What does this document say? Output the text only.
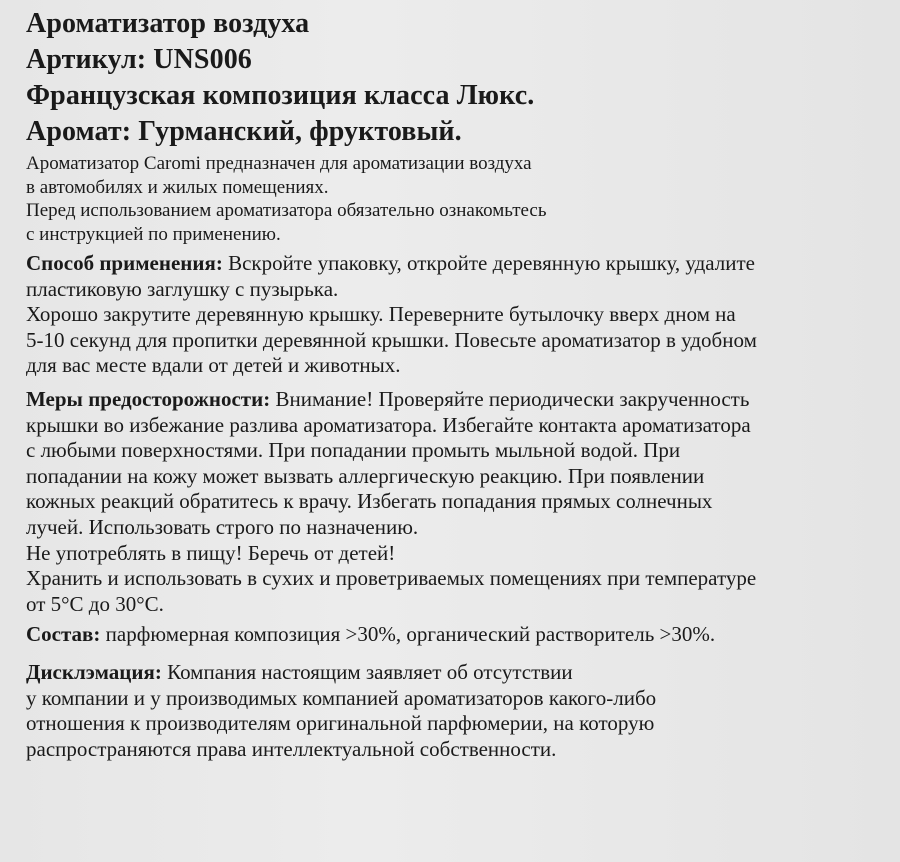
Ароматизатор воздуха
Артикул: UNS006
Французская композиция класса Люкс.
Аромат: Гурманский, фруктовый.

Ароматизатор Caromi предназначен для ароматизации воздуха

в автомобилях и жилых помещениях.

Перед использованием ароматизатора обязательно ознакомьтесь

с инструкцией по применению.

Способ применения: Вскройте упаковку, откройте деревянную крышку, удалите
пластиковую заглушку с пузырька.
Хорошо закрутите деревянную крышку. Переверните бутылочку вверх дном на
5-10 секунд для пропитки деревянной крышки. Повесьте ароматизатор в удобном
для вас месте вдали от детей и животных.
Меры предосторожности: Внимание! Проверяйте периодически закрученность
крышки во избежание разлива ароматизатора. Избегайте контакта ароматизатора
с любыми поверхностями. При попадании промыть мыльной водой. При
попадании на кожу может вызвать аллергическую реакцию. При появлении
кожных реакций обратитесь к врачу. Избегать попадания прямых солнечных
лучей. Использовать строго по назначению.
Не употреблять в пищу! Беречь от детей!
Хранить и использовать в сухих и проветриваемых помещениях при температуре
от 5°C до 30°C.
Состав: парфюмерная композиция >30%, органический растворитель >30%.
Дисклэмация: Компания настоящим заявляет об отсутствии
у компании и у производимых компанией ароматизаторов какого-либо
отношения к производителям оригинальной парфюмерии, на которую
распространяются права интеллектуальной собственности.
